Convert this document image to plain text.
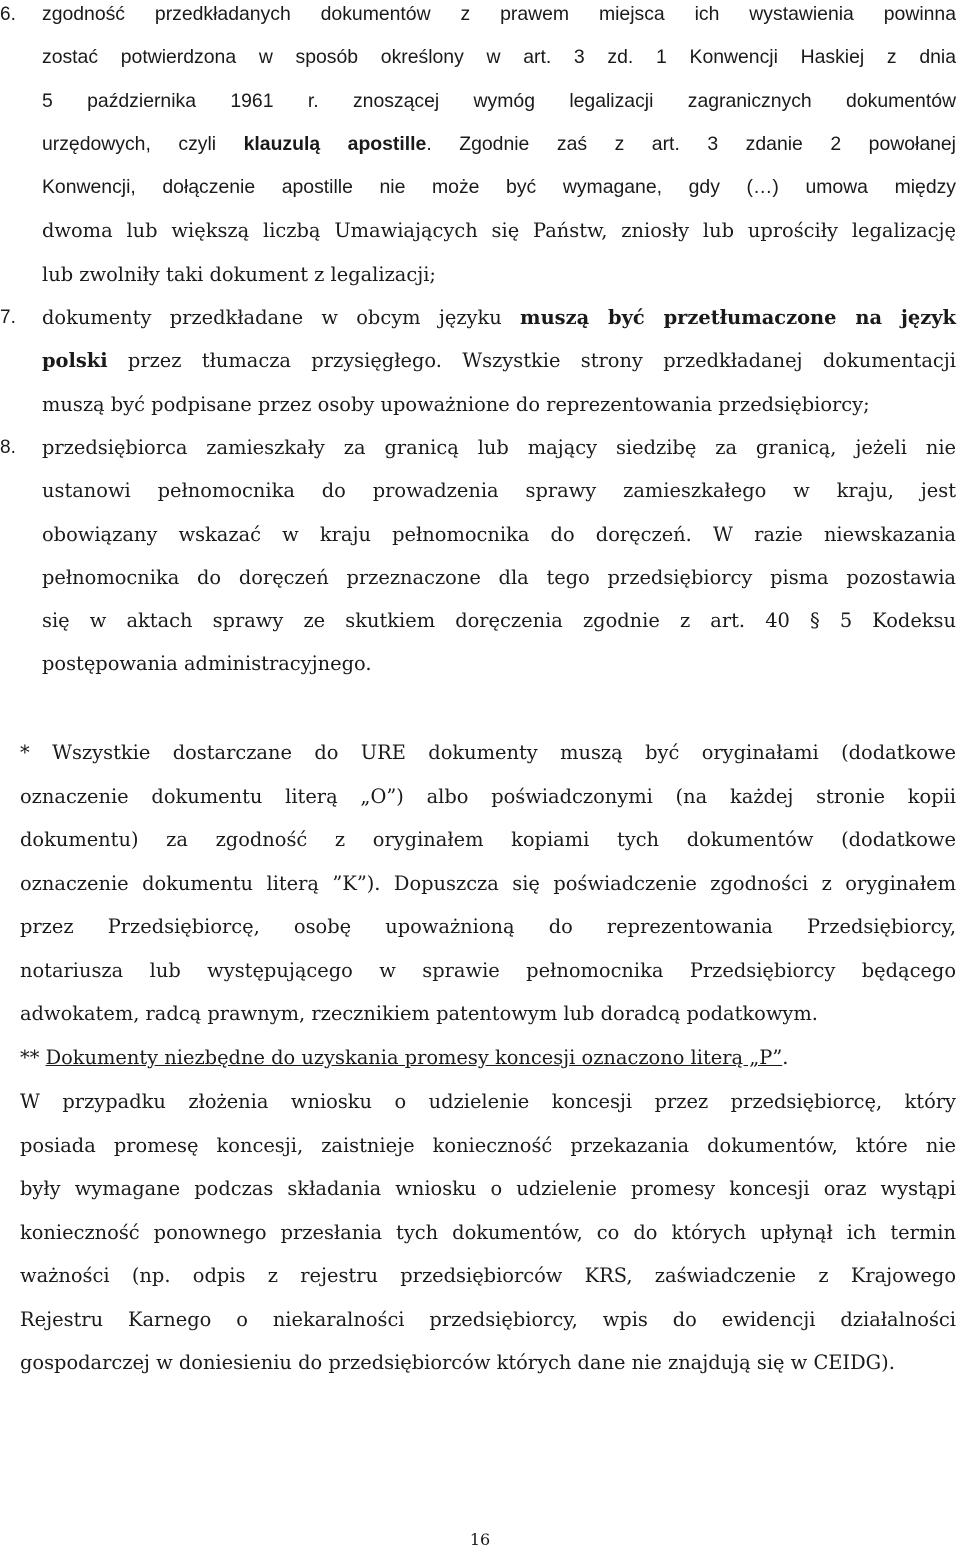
6. zgodność przedkładanych dokumentów z prawem miejsca ich wystawienia powinna
zostać potwierdzona w sposób określony w art. 3 zd. 1 Konwencji Haskiej z dnia
5 października 1961 r. znoszącej wymóg legalizacji zagranicznych dokumentów
urzędowych, czyli klauzulą apostille. Zgodnie zaś z art. 3 zdanie 2 powołanej
Konwencji, dołączenie apostille nie może być wymagane, gdy (…) umowa między
dwoma lub większą liczbą Umawiających się Państw, zniosły lub uprościły legalizację
lub zwolniły taki dokument z legalizacji;
7. dokumenty przedkładane w obcym języku muszą być przetłumaczone na język
polski przez tłumacza przysięgłego. Wszystkie strony przedkładanej dokumentacji
muszą być podpisane przez osoby upoważnione do reprezentowania przedsiębiorcy;
8. przedsiębiorca zamieszkały za granicą lub mający siedzibę za granicą, jeżeli nie
ustanowi pełnomocnika do prowadzenia sprawy zamieszkałego w kraju, jest
obowiązany wskazać w kraju pełnomocnika do doręczeń. W razie niewskazania
pełnomocnika do doręczeń przeznaczone dla tego przedsiębiorcy pisma pozostawia
się w aktach sprawy ze skutkiem doręczenia zgodnie z art. 40 § 5 Kodeksu
postępowania administracyjnego.
* Wszystkie dostarczane do URE dokumenty muszą być oryginałami (dodatkowe
oznaczenie dokumentu literą „O”) albo poświadczonymi (na każdej stronie kopii
dokumentu) za zgodność z oryginałem kopiami tych dokumentów (dodatkowe
oznaczenie dokumentu literą ”K”). Dopuszcza się poświadczenie zgodności z oryginałem
przez Przedsiębiorcę, osobę upoważnioną do reprezentowania Przedsiębiorcy,
notariusza lub występującego w sprawie pełnomocnika Przedsiębiorcy będącego
adwokatem, radcą prawnym, rzecznikiem patentowym lub doradcą podatkowym.
** Dokumenty niezbędne do uzyskania promesy koncesji oznaczono literą „P”.
W przypadku złożenia wniosku o udzielenie koncesji przez przedsiębiorcę, który
posiada promesę koncesji, zaistnieje konieczność przekazania dokumentów, które nie
były wymagane podczas składania wniosku o udzielenie promesy koncesji oraz wystąpi
konieczność ponownego przesłania tych dokumentów, co do których upłynął ich termin
ważności (np. odpis z rejestru przedsiębiorców KRS, zaświadczenie z Krajowego
Rejestru Karnego o niekaralności przedsiębiorcy, wpis do ewidencji działalności
gospodarczej w doniesieniu do przedsiębiorców których dane nie znajdują się w CEIDG).
16
